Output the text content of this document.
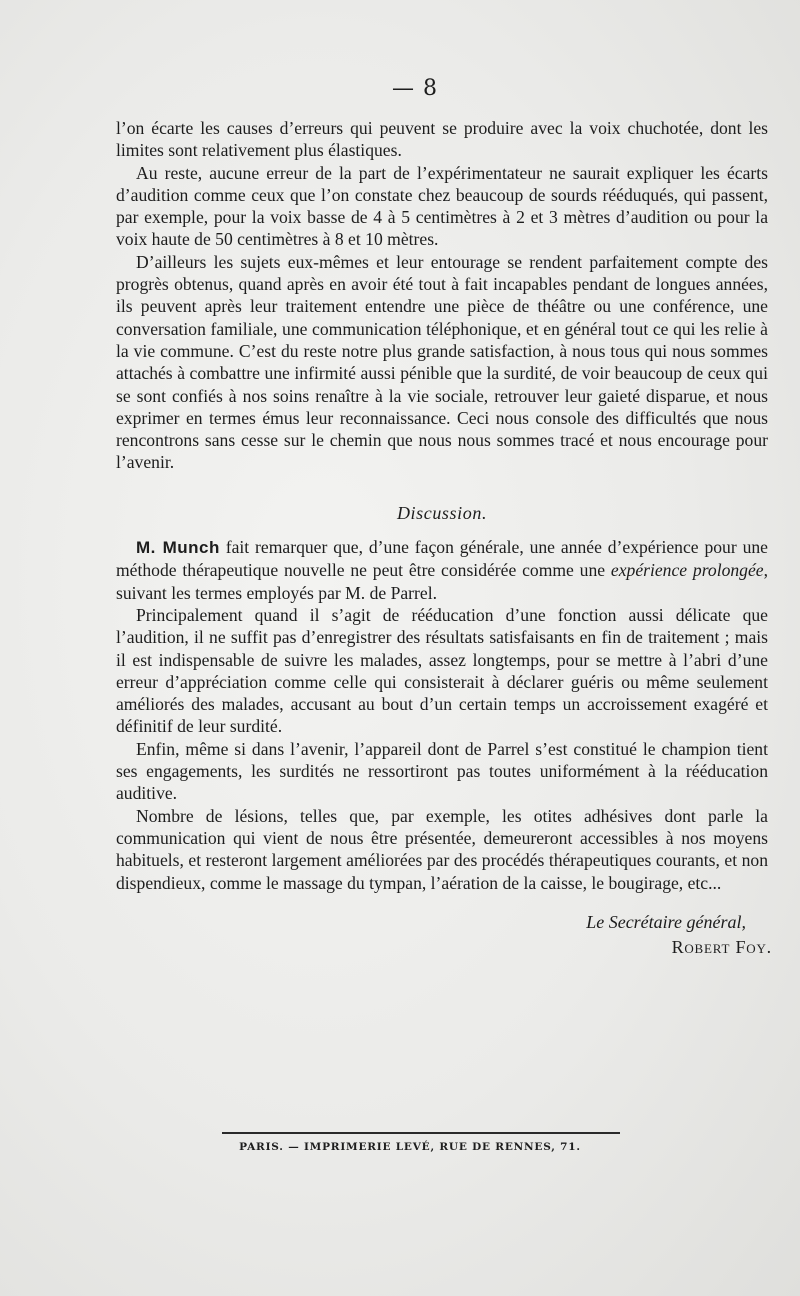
— 8

l’on écarte les causes d’erreurs qui peuvent se produire avec la voix chuchotée, dont les limites sont relativement plus élastiques.

Au reste, aucune erreur de la part de l’expérimentateur ne saurait expliquer les écarts d’audition comme ceux que l’on constate chez beaucoup de sourds rééduqués, qui passent, par exemple, pour la voix basse de 4 à 5 centimètres à 2 et 3 mètres d’audition ou pour la voix haute de 50 centimètres à 8 et 10 mètres.

D’ailleurs les sujets eux-mêmes et leur entourage se rendent parfaitement compte des progrès obtenus, quand après en avoir été tout à fait incapables pendant de longues années, ils peuvent après leur traitement entendre une pièce de théâtre ou une conférence, une conversation familiale, une communication téléphonique, et en général tout ce qui les relie à la vie commune. C’est du reste notre plus grande satisfaction, à nous tous qui nous sommes attachés à combattre une infirmité aussi pénible que la surdité, de voir beaucoup de ceux qui se sont confiés à nos soins renaître à la vie sociale, retrouver leur gaieté disparue, et nous exprimer en termes émus leur reconnaissance. Ceci nous console des difficultés que nous rencontrons sans cesse sur le chemin que nous nous sommes tracé et nous encourage pour l’avenir.

Discussion.

M. Munch fait remarquer que, d’une façon générale, une année d’expérience pour une méthode thérapeutique nouvelle ne peut être considérée comme une expérience prolongée, suivant les termes employés par M. de Parrel.

Principalement quand il s’agit de rééducation d’une fonction aussi délicate que l’audition, il ne suffit pas d’enregistrer des résultats satisfaisants en fin de traitement ; mais il est indispensable de suivre les malades, assez longtemps, pour se mettre à l’abri d’une erreur d’appréciation comme celle qui consisterait à déclarer guéris ou même seulement améliorés des malades, accusant au bout d’un certain temps un accroissement exagéré et définitif de leur surdité.

Enfin, même si dans l’avenir, l’appareil dont de Parrel s’est constitué le champion tient ses engagements, les surdités ne ressortiront pas toutes uniformément à la rééducation auditive.

Nombre de lésions, telles que, par exemple, les otites adhésives dont parle la communication qui vient de nous être présentée, demeureront accessibles à nos moyens habituels, et resteront largement améliorées par des procédés thérapeutiques courants, et non dispendieux, comme le massage du tympan, l’aération de la caisse, le bougirage, etc...

Le Secrétaire général,
Robert Foy.
PARIS. — IMPRIMERIE LEVÉ, RUE DE RENNES, 71.
